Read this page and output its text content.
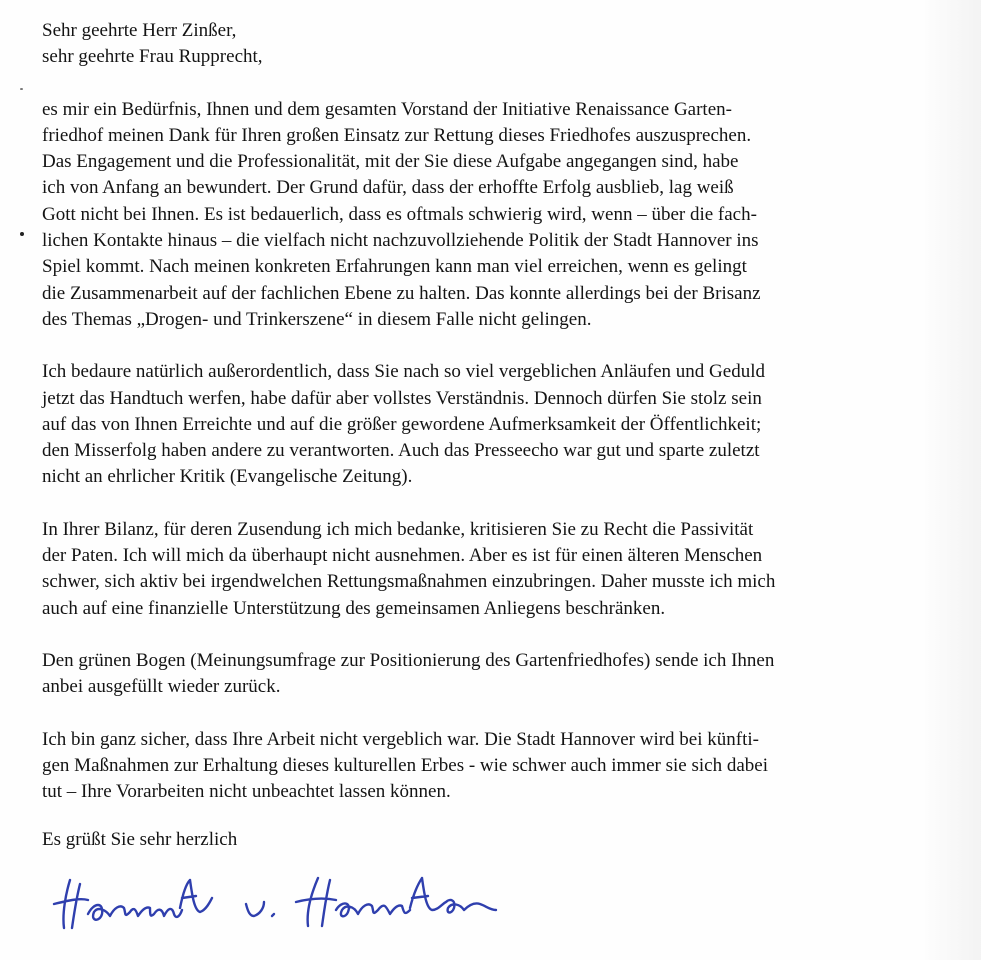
Sehr geehrte Herr Zinßer,
sehr geehrte Frau Rupprecht,
es mir ein Bedürfnis, Ihnen und dem gesamten Vorstand der Initiative Renaissance Garten-
friedhof meinen Dank für Ihren großen Einsatz zur Rettung dieses Friedhofes auszusprechen.
Das Engagement und die Professionalität, mit der Sie diese Aufgabe angegangen sind, habe
ich von Anfang an bewundert. Der Grund dafür, dass der erhoffte Erfolg ausblieb, lag weiß
Gott nicht bei Ihnen. Es ist bedauerlich, dass es oftmals schwierig wird, wenn – über die fach-
lichen Kontakte hinaus – die vielfach nicht nachzuvollziehende Politik der Stadt Hannover ins
Spiel kommt. Nach meinen konkreten Erfahrungen kann man viel erreichen, wenn es gelingt
die Zusammenarbeit auf der fachlichen Ebene zu halten. Das konnte allerdings bei der Brisanz
des Themas „Drogen- und Trinkerszene“ in diesem Falle nicht gelingen.
Ich bedaure natürlich außerordentlich, dass Sie nach so viel vergeblichen Anläufen und Geduld
jetzt das Handtuch werfen, habe dafür aber vollstes Verständnis. Dennoch dürfen Sie stolz sein
auf das von Ihnen Erreichte und auf die größer gewordene Aufmerksamkeit der Öffentlichkeit;
den Misserfolg haben andere zu verantworten. Auch das Presseecho war gut und sparte zuletzt
nicht an ehrlicher Kritik (Evangelische Zeitung).
In Ihrer Bilanz, für deren Zusendung ich mich bedanke, kritisieren Sie zu Recht die Passivität
der Paten. Ich will mich da überhaupt nicht ausnehmen. Aber es ist für einen älteren Menschen
schwer, sich aktiv bei irgendwelchen Rettungsmaßnahmen einzubringen. Daher musste ich mich
auch auf eine finanzielle Unterstützung des gemeinsamen Anliegens beschränken.
Den grünen Bogen (Meinungsumfrage zur Positionierung des Gartenfriedhofes) sende ich Ihnen
anbei ausgefüllt wieder zurück.
Ich bin ganz sicher, dass Ihre Arbeit nicht vergeblich war. Die Stadt Hannover wird bei künfti-
gen Maßnahmen zur Erhaltung dieses kulturellen Erbes - wie schwer auch immer sie sich dabei
tut – Ihre Vorarbeiten nicht unbeachtet lassen können.
Es grüßt Sie sehr herzlich
